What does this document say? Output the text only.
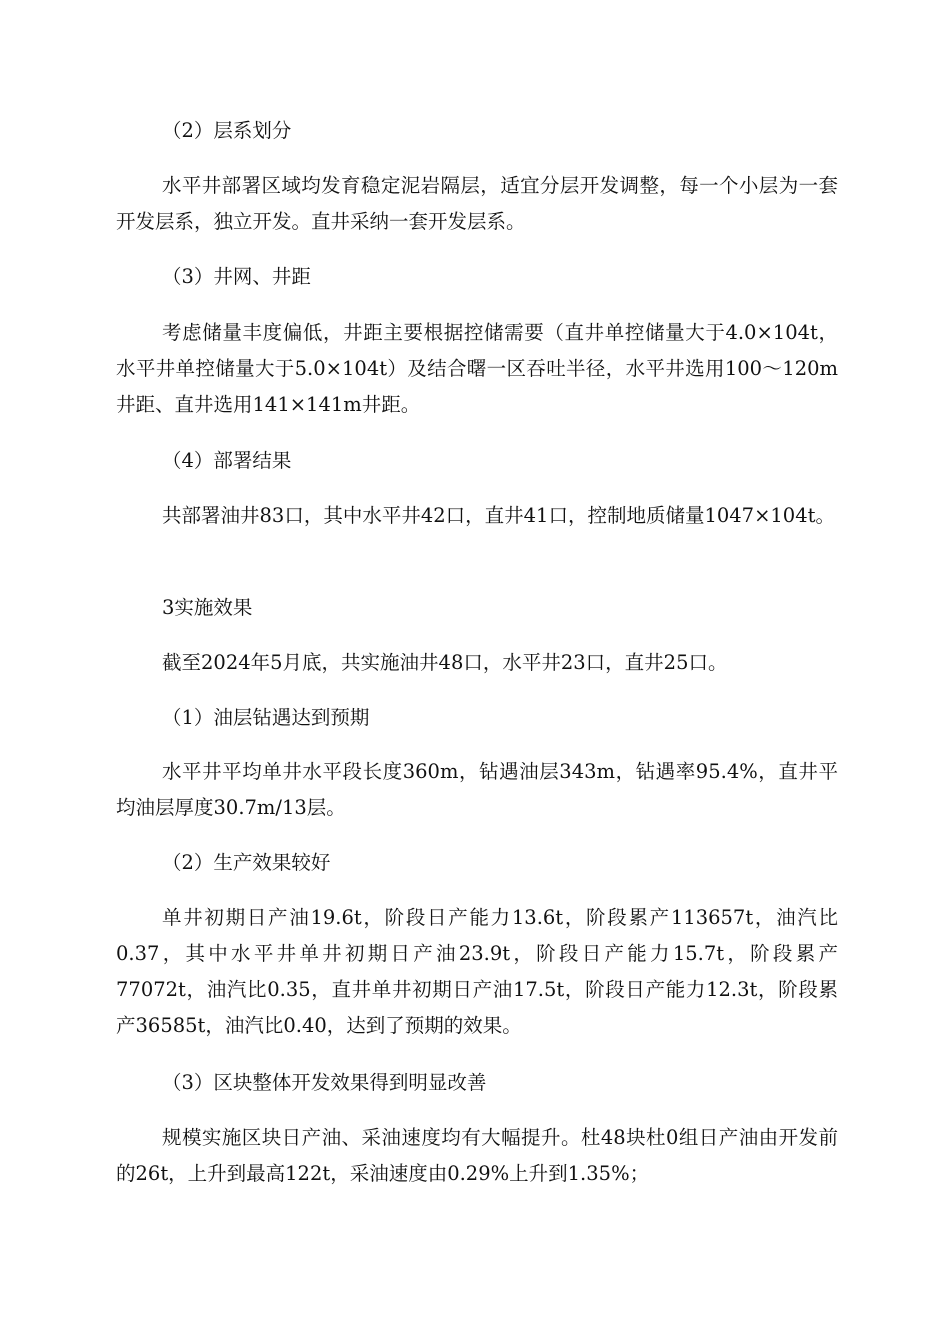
（2）层系划分

水平井部署区域均发育稳定泥岩隔层，适宜分层开发调整，每一个小层为一套开发层系，独立开发。直井采纳一套开发层系。

（3）井网、井距

考虑储量丰度偏低，井距主要根据控储需要（直井单控储量大于4.0×104t，水平井单控储量大于5.0×104t）及结合曙一区吞吐半径，水平井选用100～120m井距、直井选用141×141m井距。

（4）部署结果

共部署油井83口，其中水平井42口，直井41口，控制地质储量1047×104t。

3实施效果

截至2024年5月底，共实施油井48口，水平井23口，直井25口。

（1）油层钻遇达到预期

水平井平均单井水平段长度360m，钻遇油层343m，钻遇率95.4%，直井平均油层厚度30.7m/13层。

（2）生产效果较好

单井初期日产油19.6t，阶段日产能力13.6t，阶段累产113657t，油汽比0.37，其中水平井单井初期日产油23.9t，阶段日产能力15.7t，阶段累产77072t，油汽比0.35，直井单井初期日产油17.5t，阶段日产能力12.3t，阶段累产36585t，油汽比0.40，达到了预期的效果。

（3）区块整体开发效果得到明显改善

规模实施区块日产油、采油速度均有大幅提升。杜48块杜0组日产油由开发前的26t，上升到最高122t，采油速度由0.29%上升到1.35%；
